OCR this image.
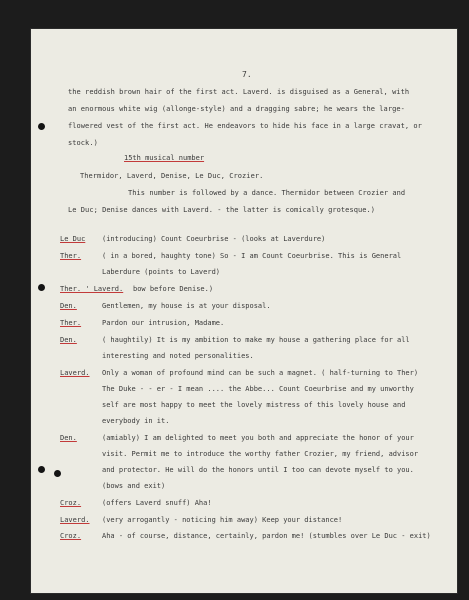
7.
the reddish brown hair of the first act. Laverd. is disguised as a General, with
an enormous white wig (allonge-style) and a dragging sabre; he wears the large-
flowered vest of the first act. He endeavors to hide his face in a large cravat, or
stock.)
15th musical number
Thermidor, Laverd, Denise, Le Duc, Crozier.
This number is followed by a dance. Thermidor between Crozier and
Le Duc; Denise dances with Laverd. - the latter is comically grotesque.)
Le Duc (introducing) Count Coeurbrise - (looks at Laverdure)
Ther.	( in a bored, haughty tone) So - I am Count Coeurbrise. This is General
Laberdure (points to Laverd)
Ther. ' Laverd. bow before Denise.)
Den.	Gentlemen, my house is at your disposal.
Ther.	Pardon our intrusion, Madame.
Den.	( haughtily) It is my ambition to make my house a gathering place for all
interesting and noted personalities.
Laverd. Only a woman of profound mind can be such a magnet. ( half-turning to Ther)
The Duke - - er - I mean .... the Abbe... Count Coeurbrise and my unworthy
self are most happy to meet the lovely mistress of this lovely house and
everybody in it.
Den.	(amiably) I am delighted to meet you both and appreciate the honor of your
visit. Permit me to introduce the worthy father Crozier, my friend, advisor
and protector. He will do the honors until I too can devote myself to you.
(bows and exit)
Croz.	(offers Laverd snuff) Aha!
Laverd. (very arrogantly - noticing him away) Keep your distance!
Croz.	Aha - of course, distance, certainly, pardon me! (stumbles over Le Duc - exit)
